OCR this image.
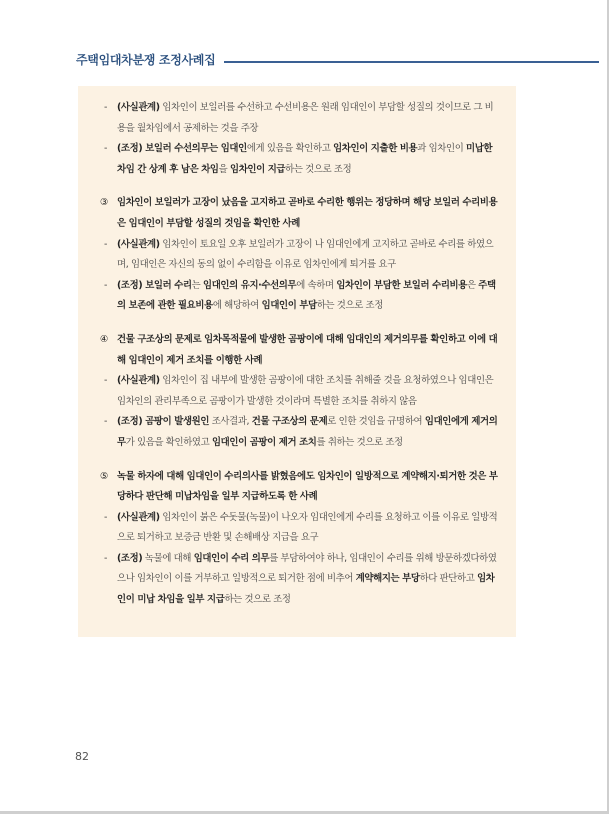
주택임대차분쟁 조정사례집
- (사실관계) 임차인이 보일러를 수선하고 수선비용은 원래 임대인이 부담할 성질의 것이므로 그 비용을 월차임에서 공제하는 것을 주장
- (조정) 보일러 수선의무는 임대인에게 있음을 확인하고 임차인이 지출한 비용과 임차인이 미납한 차임 간 상계 후 남은 차임을 임차인이 지급하는 것으로 조정
③ 임차인이 보일러가 고장이 났음을 고지하고 곧바로 수리한 행위는 정당하며 해당 보일러 수리비용은 임대인이 부담할 성질의 것임을 확인한 사례
- (사실관계) 임차인이 토요일 오후 보일러가 고장이 나 임대인에게 고지하고 곧바로 수리를 하였으며, 임대인은 자신의 동의 없이 수리함을 이유로 임차인에게 퇴거를 요구
- (조정) 보일러 수리는 임대인의 유지·수선의무에 속하며 임차인이 부담한 보일러 수리비용은 주택의 보존에 관한 필요비용에 해당하여 임대인이 부담하는 것으로 조정
④ 건물 구조상의 문제로 임차목적물에 발생한 곰팡이에 대해 임대인의 제거의무를 확인하고 이에 대해 임대인이 제거 조치를 이행한 사례
- (사실관계) 임차인이 집 내부에 발생한 곰팡이에 대한 조치를 취해줄 것을 요청하였으나 임대인은 임차인의 관리부족으로 곰팡이가 발생한 것이라며 특별한 조치를 취하지 않음
- (조정) 곰팡이 발생원인 조사결과, 건물 구조상의 문제로 인한 것임을 규명하여 임대인에게 제거의무가 있음을 확인하였고 임대인이 곰팡이 제거 조치를 취하는 것으로 조정
⑤ 녹물 하자에 대해 임대인이 수리의사를 밝혔음에도 임차인이 일방적으로 계약해지·퇴거한 것은 부당하다 판단해 미납차임을 일부 지급하도록 한 사례
- (사실관계) 임차인이 붉은 수돗물(녹물)이 나오자 임대인에게 수리를 요청하고 이를 이유로 일방적으로 퇴거하고 보증금 반환 및 손해배상 지급을 요구
- (조정) 녹물에 대해 임대인이 수리 의무를 부담하여야 하나, 임대인이 수리를 위해 방문하겠다하였으나 임차인이 이를 거부하고 일방적으로 퇴거한 점에 비추어 계약해지는 부당하다 판단하고 임차인이 미납 차임을 일부 지급하는 것으로 조정
82
